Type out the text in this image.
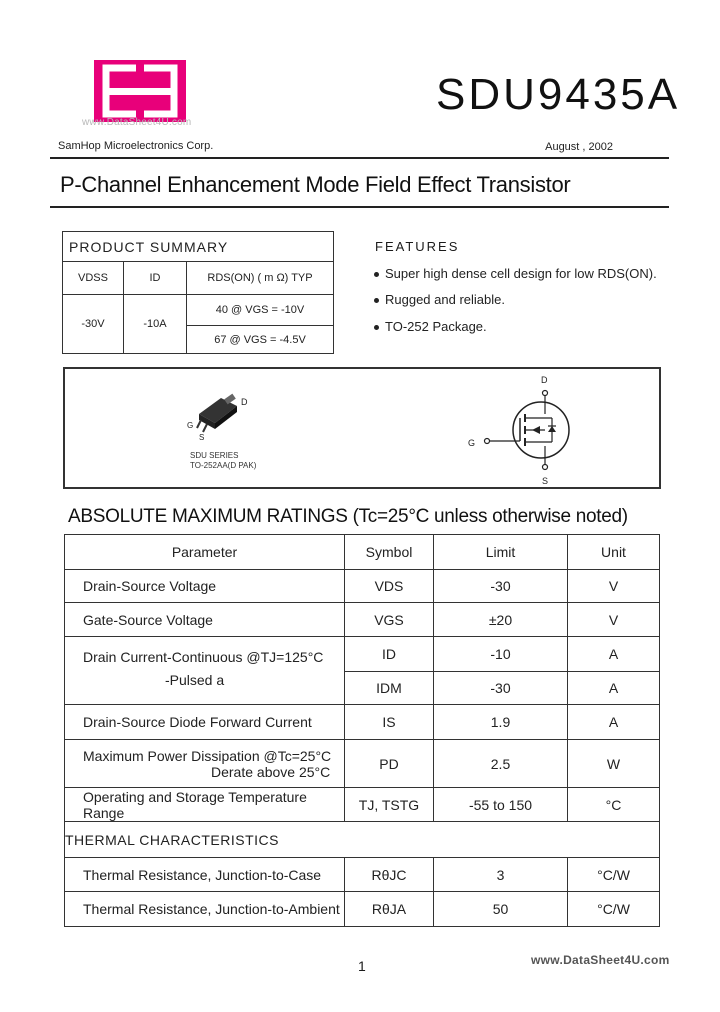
www.DataSheet4U.com
SDU9435A
SamHop Microelectronics Corp.	August , 2002
P-Channel Enhancement Mode Field Effect Transistor
PRODUCT SUMMARY		
VDSS	ID	RDS(ON) ( m Ω) TYP
-30V	-10A	40 @ VGS = -10V
		67 @ VGS = -4.5V
FEATURES
Super high dense cell design for low RDS(ON).
Rugged and reliable.
TO-252 Package.
D
G
S
SDU SERIES
TO-252AA(D PAK)
D
G
S
ABSOLUTE MAXIMUM RATINGS (Tc=25°C unless otherwise noted)
Parameter	Symbol	Limit	Unit
Drain-Source Voltage	VDS	-30	V
Gate-Source Voltage	VGS	±20	V

Drain Current-Continuous @TJ=125°C
-Pulsed a	ID	-10	A
	IDM	-30	A
Drain-Source Diode Forward Current	IS	1.9	A

Maximum Power Dissipation @Tc=25°C
Derate above 25°C	PD	2.5	W
Operating and Storage Temperature Range	TJ, TSTG	-55 to 150	°C
THERMAL CHARACTERISTICS			
Thermal Resistance, Junction-to-Case	RθJC	3	°C/W
Thermal Resistance, Junction-to-Ambient	RθJA	50	°C/W
1	www.DataSheet4U.com
